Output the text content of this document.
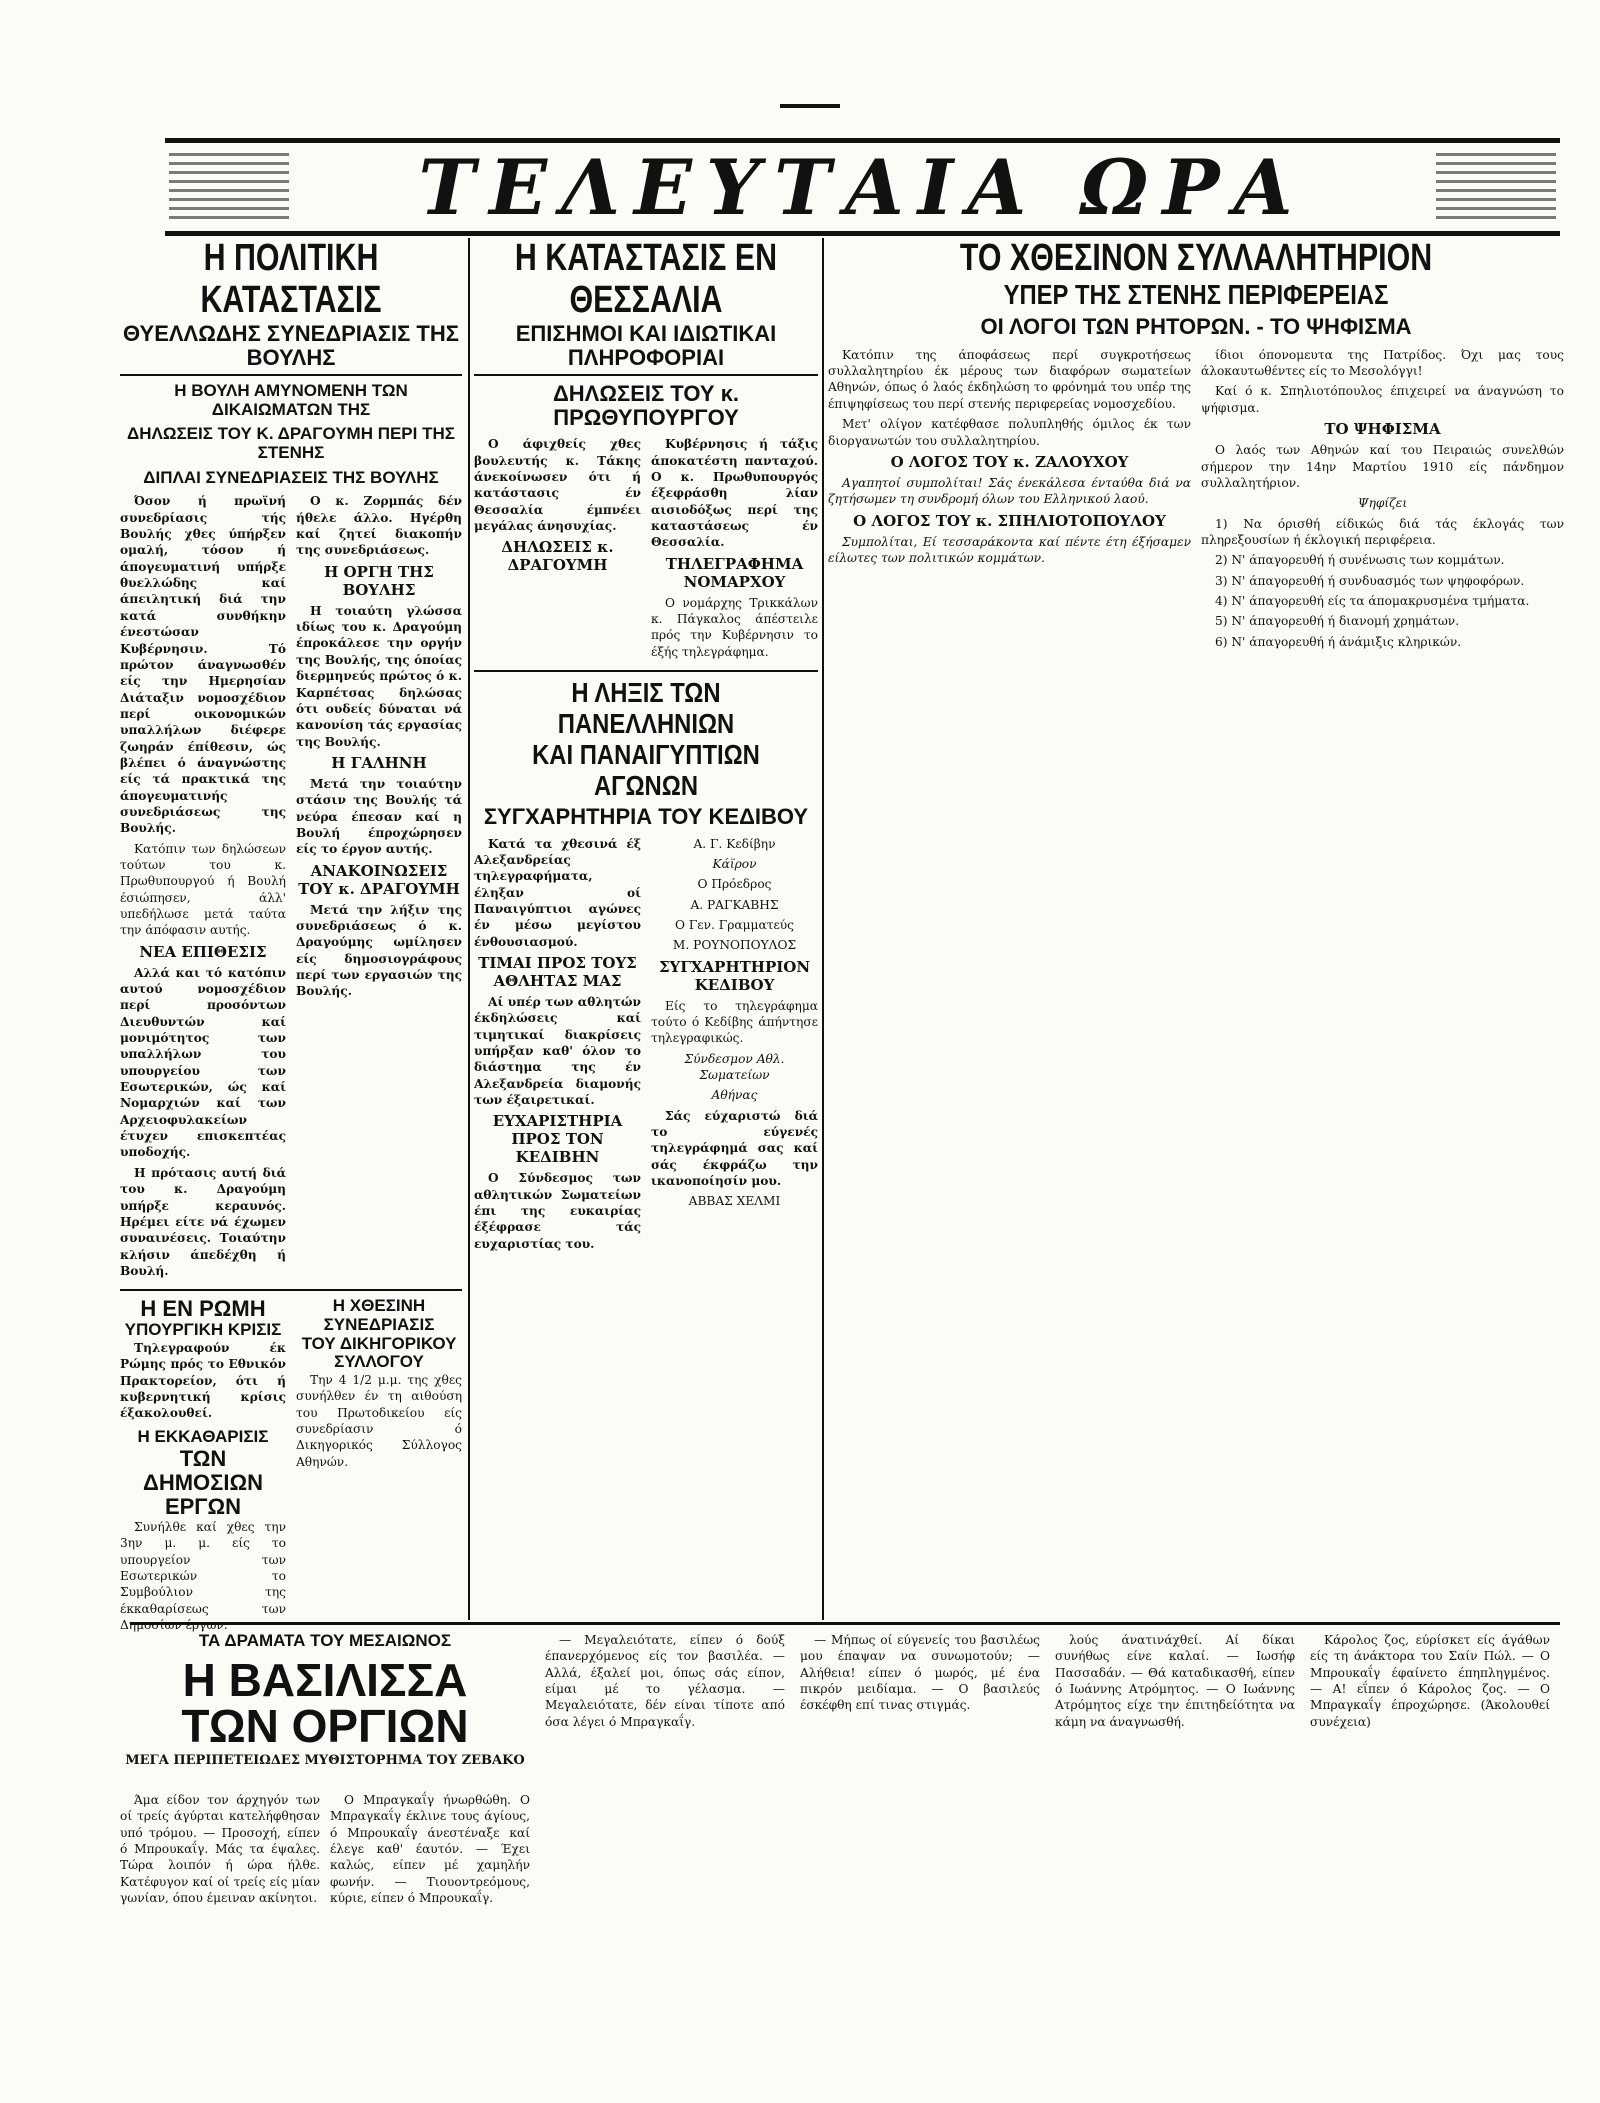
ΤΕΛΕΥΤΑΙΑ ΩΡΑ

Η ΠΟΛΙΤΙΚΗ ΚΑΤΑΣΤΑΣΙΣ

ΘΥΕΛΛΩΔΗΣ ΣΥΝΕΔΡΙΑΣΙΣ ΤΗΣ ΒΟΥΛΗΣ

Η ΒΟΥΛΗ ΑΜΥΝΟΜΕΝΗ ΤΩΝ ΔΙΚΑΙΩΜΑΤΩΝ ΤΗΣ

ΔΗΛΩΣΕΙΣ ΤΟΥ Κ. ΔΡΑΓΟΥΜΗ ΠΕΡΙ ΤΗΣ ΣΤΕΝΗΣ

ΔΙΠΛΑΙ ΣΥΝΕΔΡΙΑΣΕΙΣ ΤΗΣ ΒΟΥΛΗΣ

Όσον ή πρωϊνή συνεδρίασις τής Βουλής χθες ύπήρξεν ομαλή, τόσον ή άπογευματινή υπήρξε θυελλώδης καί άπειλητική διά την κατά συνθήκην ένεστώσαν Κυβέρνησιν. Τό πρώτον άναγνωσθέν είς την Ημερησίαν Διάταξιν νομοσχέδιον περί οικονομικών υπαλλήλων διέφερε ζωηράν έπίθεσιν, ώς βλέπει ό άναγνώστης είς τά πρακτικά της άπογευματινής συνεδριάσεως της Βουλής.

Κατόπιν των δηλώσεων τούτων του κ. Πρωθυπουργού ή Βουλή έσιώπησεν, άλλ' υπεδήλωσε μετά ταύτα την άπόφασιν αυτής.

ΝΕΑ ΕΠΙΘΕΣΙΣ

Αλλά και τό κατόπιν αυτού νομοσχέδιον περί προσόντων Διευθυντών καί μονιμότητος των υπαλλήλων του υπουργείου των Εσωτερικών, ώς καί Νομαρχιών καί των Αρχειοφυλακείων έτυχεν επισκεπτέας υποδοχής.

Η πρότασις αυτή διά του κ. Δραγούμη υπήρξε κεραυνός. Ηρέμει είτε νά έχωμεν συναινέσεις. Τοιαύτην κλήσιν άπεδέχθη ή Βουλή.

Ο κ. Ζορμπάς δέν ήθελε άλλο. Ηγέρθη καί ζητεί διακοπήν της συνεδριάσεως.

Η ΟΡΓΗ ΤΗΣ ΒΟΥΛΗΣ

Η τοιαύτη γλώσσα ιδίως του κ. Δραγούμη έπροκάλεσε την οργήν της Βουλής, της όποίας διερμηνεύς πρώτος ό κ. Καρπέτσας δηλώσας ότι ουδείς δύναται νά κανονίση τάς εργασίας της Βουλής.

Η ΓΑΛΗΝΗ

Μετά την τοιαύτην στάσιν της Βουλής τά νεύρα έπεσαν καί η Βουλή έπροχώρησεν είς το έργον αυτής.

ΑΝΑΚΟΙΝΩΣΕΙΣ ΤΟΥ κ. ΔΡΑΓΟΥΜΗ

Μετά την λήξιν της συνεδριάσεως ό κ. Δραγούμης ωμίλησεν είς δημοσιογράφους περί των εργασιών της Βουλής.

Η ΕΝ ΡΩΜΗ

ΥΠΟΥΡΓΙΚΗ ΚΡΙΣΙΣ

Τηλεγραφούν έκ Ρώμης πρός το Εθνικόν Πρακτορείον, ότι ή κυβερνητική κρίσις έξακολουθεί.

Η ΕΚΚΑΘΑΡΙΣΙΣ

ΤΩΝ ΔΗΜΟΣΙΩΝ ΕΡΓΩΝ

Συνήλθε καί χθες την 3ην μ. μ. είς το υπουργείον των Εσωτερικών το Συμβούλιον της έκκαθαρίσεως των Δημοσίων έργων.

Η ΧΘΕΣΙΝΗ ΣΥΝΕΔΡΙΑΣΙΣ

ΤΟΥ ΔΙΚΗΓΟΡΙΚΟΥ ΣΥΛΛΟΓΟΥ

Την 4 1/2 μ.μ. της χθες συνήλθεν έν τη αιθούση του Πρωτοδικείου είς συνεδρίασιν ό Δικηγορικός Σύλλογος Αθηνών.

Η ΚΑΤΑΣΤΑΣΙΣ ΕΝ ΘΕΣΣΑΛΙΑ

ΕΠΙΣΗΜΟΙ ΚΑΙ ΙΔΙΩΤΙΚΑΙ ΠΛΗΡΟΦΟΡΙΑΙ

ΔΗΛΩΣΕΙΣ ΤΟΥ κ. ΠΡΩΘΥΠΟΥΡΓΟΥ

Ο άφιχθείς χθες βουλευτής κ. Τάκης άνεκοίνωσεν ότι ή κατάστασις έν Θεσσαλία έμπνέει μεγάλας άνησυχίας.

ΔΗΛΩΣΕΙΣ κ. ΔΡΑΓΟΥΜΗ

Κυβέρνησις ή τάξις άποκατέστη πανταχού. Ο κ. Πρωθυπουργός έξεφράσθη λίαν αισιοδόξως περί της καταστάσεως έν Θεσσαλία.

ΤΗΛΕΓΡΑΦΗΜΑ ΝΟΜΑΡΧΟΥ

Ο νομάρχης Τρικκάλων κ. Πάγκαλος άπέστειλε πρός την Κυβέρνησιν το έξής τηλεγράφημα.

Η ΛΗΞΙΣ ΤΩΝ ΠΑΝΕΛΛΗΝΙΩΝ

ΚΑΙ ΠΑΝΑΙΓΥΠΤΙΩΝ ΑΓΩΝΩΝ

ΣΥΓΧΑΡΗΤΗΡΙΑ ΤΟΥ ΚΕΔΙΒΟΥ

Κατά τα χθεσινά έξ Αλεξανδρείας τηλεγραφήματα, έληξαν οί Παναιγύπτιοι αγώνες έν μέσω μεγίστου ένθουσιασμού.

ΤΙΜΑΙ ΠΡΟΣ ΤΟΥΣ ΑΘΛΗΤΑΣ ΜΑΣ

Αί υπέρ των αθλητών έκδηλώσεις καί τιμητικαί διακρίσεις υπήρξαν καθ' όλον το διάστημα της έν Αλεξανδρεία διαμονής των έξαιρετικαί.

ΕΥΧΑΡΙΣΤΗΡΙΑ ΠΡΟΣ ΤΟΝ ΚΕΔΙΒΗΝ

Ο Σύνδεσμος των αθλητικών Σωματείων έπι της ευκαιρίας έξέφρασε τάς ευχαριστίας του.

Α. Γ. Κεδίβην

Κάϊρον

Ο Πρόεδρος

Α. ΡΑΓΚΑΒΗΣ

Ο Γεν. Γραμματεύς

Μ. ΡΟΥΝΟΠΟΥΛΟΣ

ΣΥΓΧΑΡΗΤΗΡΙΟΝ ΚΕΔΙΒΟΥ

Είς το τηλεγράφημα τούτο ό Κεδίβης άπήντησε τηλεγραφικώς.

Σύνδεσμον Αθλ. Σωματείων

Αθήνας

Σάς εύχαριστώ διά το εύγενές τηλεγράφημά σας καί σάς έκφράζω την ικανοποίησίν μου.

ΑΒΒΑΣ ΧΕΛΜΙ

ΤΟ ΧΘΕΣΙΝΟΝ ΣΥΛΛΑΛΗΤΗΡΙΟΝ

ΥΠΕΡ ΤΗΣ ΣΤΕΝΗΣ ΠΕΡΙΦΕΡΕΙΑΣ

ΟΙ ΛΟΓΟΙ ΤΩΝ ΡΗΤΟΡΩΝ. - ΤΟ ΨΗΦΙΣΜΑ

Κατόπιν της άποφάσεως περί συγκροτήσεως συλλαλητηρίου έκ μέρους των διαφόρων σωματείων Αθηνών, όπως ό λαός έκδηλώση το φρόνημά του υπέρ της έπιψηφίσεως του περί στενής περιφερείας νομοσχεδίου.

Μετ' ολίγον κατέφθασε πολυπληθής όμιλος έκ των διοργανωτών του συλλαλητηρίου.

Ο ΛΟΓΟΣ ΤΟΥ κ. ΖΑΛΟΥΧΟΥ

Αγαπητοί συμπολίται! Σάς ένεκάλεσα ένταύθα διά να ζητήσωμεν τη συνδρομή όλων του Ελληνικού λαού.

Ο ΛΟΓΟΣ ΤΟΥ κ. ΣΠΗΛΙΟΤΟΠΟΥΛΟΥ

Συμπολίται, Εί τεσσαράκοντα καί πέντε έτη έξήσαμεν είλωτες των πολιτικών κομμάτων.

ίδιοι όπονομευτα της Πατρίδος. Όχι μας τους άλοκαυτωθέντες είς το Μεσολόγγι!

Καί ό κ. Σπηλιοτόπουλος έπιχειρεί να άναγνώση το ψήφισμα.

ΤΟ ΨΗΦΙΣΜΑ

Ο λαός των Αθηνών καί του Πειραιώς συνελθών σήμερον την 14ην Μαρτίου 1910 είς πάνδημον συλλαλητήριον.

Ψηφίζει

1) Να όρισθή είδικώς διά τάς έκλογάς των πληρεξουσίων ή έκλογική περιφέρεια.

2) Ν' άπαγορευθή ή συνένωσις των κομμάτων.

3) Ν' άπαγορευθή ή συνδυασμός των ψηφοφόρων.

4) Ν' άπαγορευθή είς τα άπομακρυσμένα τμήματα.

5) Ν' άπαγορευθή ή διανομή χρημάτων.

6) Ν' άπαγορευθή ή άνάμιξις κληρικών.

ΤΑ ΔΡΑΜΑΤΑ ΤΟΥ ΜΕΣΑΙΩΝΟΣ

Η ΒΑΣΙΛΙΣΣΑ

ΤΩΝ ΟΡΓΙΩΝ

ΜΕΓΑ ΠΕΡΙΠΕΤΕΙΩΔΕΣ ΜΥΘΙΣΤΟΡΗΜΑ ΤΟΥ ΖΕΒΑΚΟ

Άμα είδον τον άρχηγόν των οί τρείς άγύρται κατελήφθησαν υπό τρόμου. — Προσοχή, είπεν ό Μπρουκαΐγ. Μάς τα έψαλες. Τώρα λοιπόν ή ώρα ήλθε. Κατέφυγον καί οί τρείς είς μίαν γωνίαν, όπου έμειναν ακίνητοι.

Ο Μπραγκαΐγ ήνωρθώθη. Ο Μπραγκαΐγ έκλινε τους άγίους, ό Μπρουκαΐγ άνεστέναξε καί έλεγε καθ' έαυτόν. — Έχει καλώς, είπεν μέ χαμηλήν φωνήν. — Τιουοντρεόμους, κύριε, είπεν ό Μπρουκαΐγ.

— Μεγαλειότατε, είπεν ό δούξ έπανερχόμενος είς τον βασιλέα. — Αλλά, έξαλεί μοι, όπως σάς είπον, είμαι μέ το γέλασμα. — Μεγαλειότατε, δέν είναι τίποτε από όσα λέγει ό Μπραγκαΐγ.

— Μήπως οί εύγενείς του βασιλέως μου έπαψαν να συνωμοτούν; — Αλήθεια! είπεν ό μωρός, μέ ένα πικρόν μειδίαμα. — Ο βασιλεύς έσκέφθη επί τινας στιγμάς.

λούς άνατινάχθεί. Αί δίκαι συνήθως είνε καλαί. — Ιωσήφ Πασσαδάν. — Θά καταδικασθή, είπεν ό Ιωάννης Ατρόμητος. — Ο Ιωάννης Ατρόμητος είχε την έπιτηδείότητα να κάμη να άναγνωσθή.

Κάρολος ζος, εύρίσκετ είς άγάθων είς τη άνάκτορα του Σαίν Πώλ. — Ο Μπρουκαΐγ έφαίνετο έπηπληγμένος. — Α! εΐπεν ό Κάρολος ζος. — Ο Μπραγκαΐγ έπροχώρησε. (Άκολουθεί συνέχεια)
